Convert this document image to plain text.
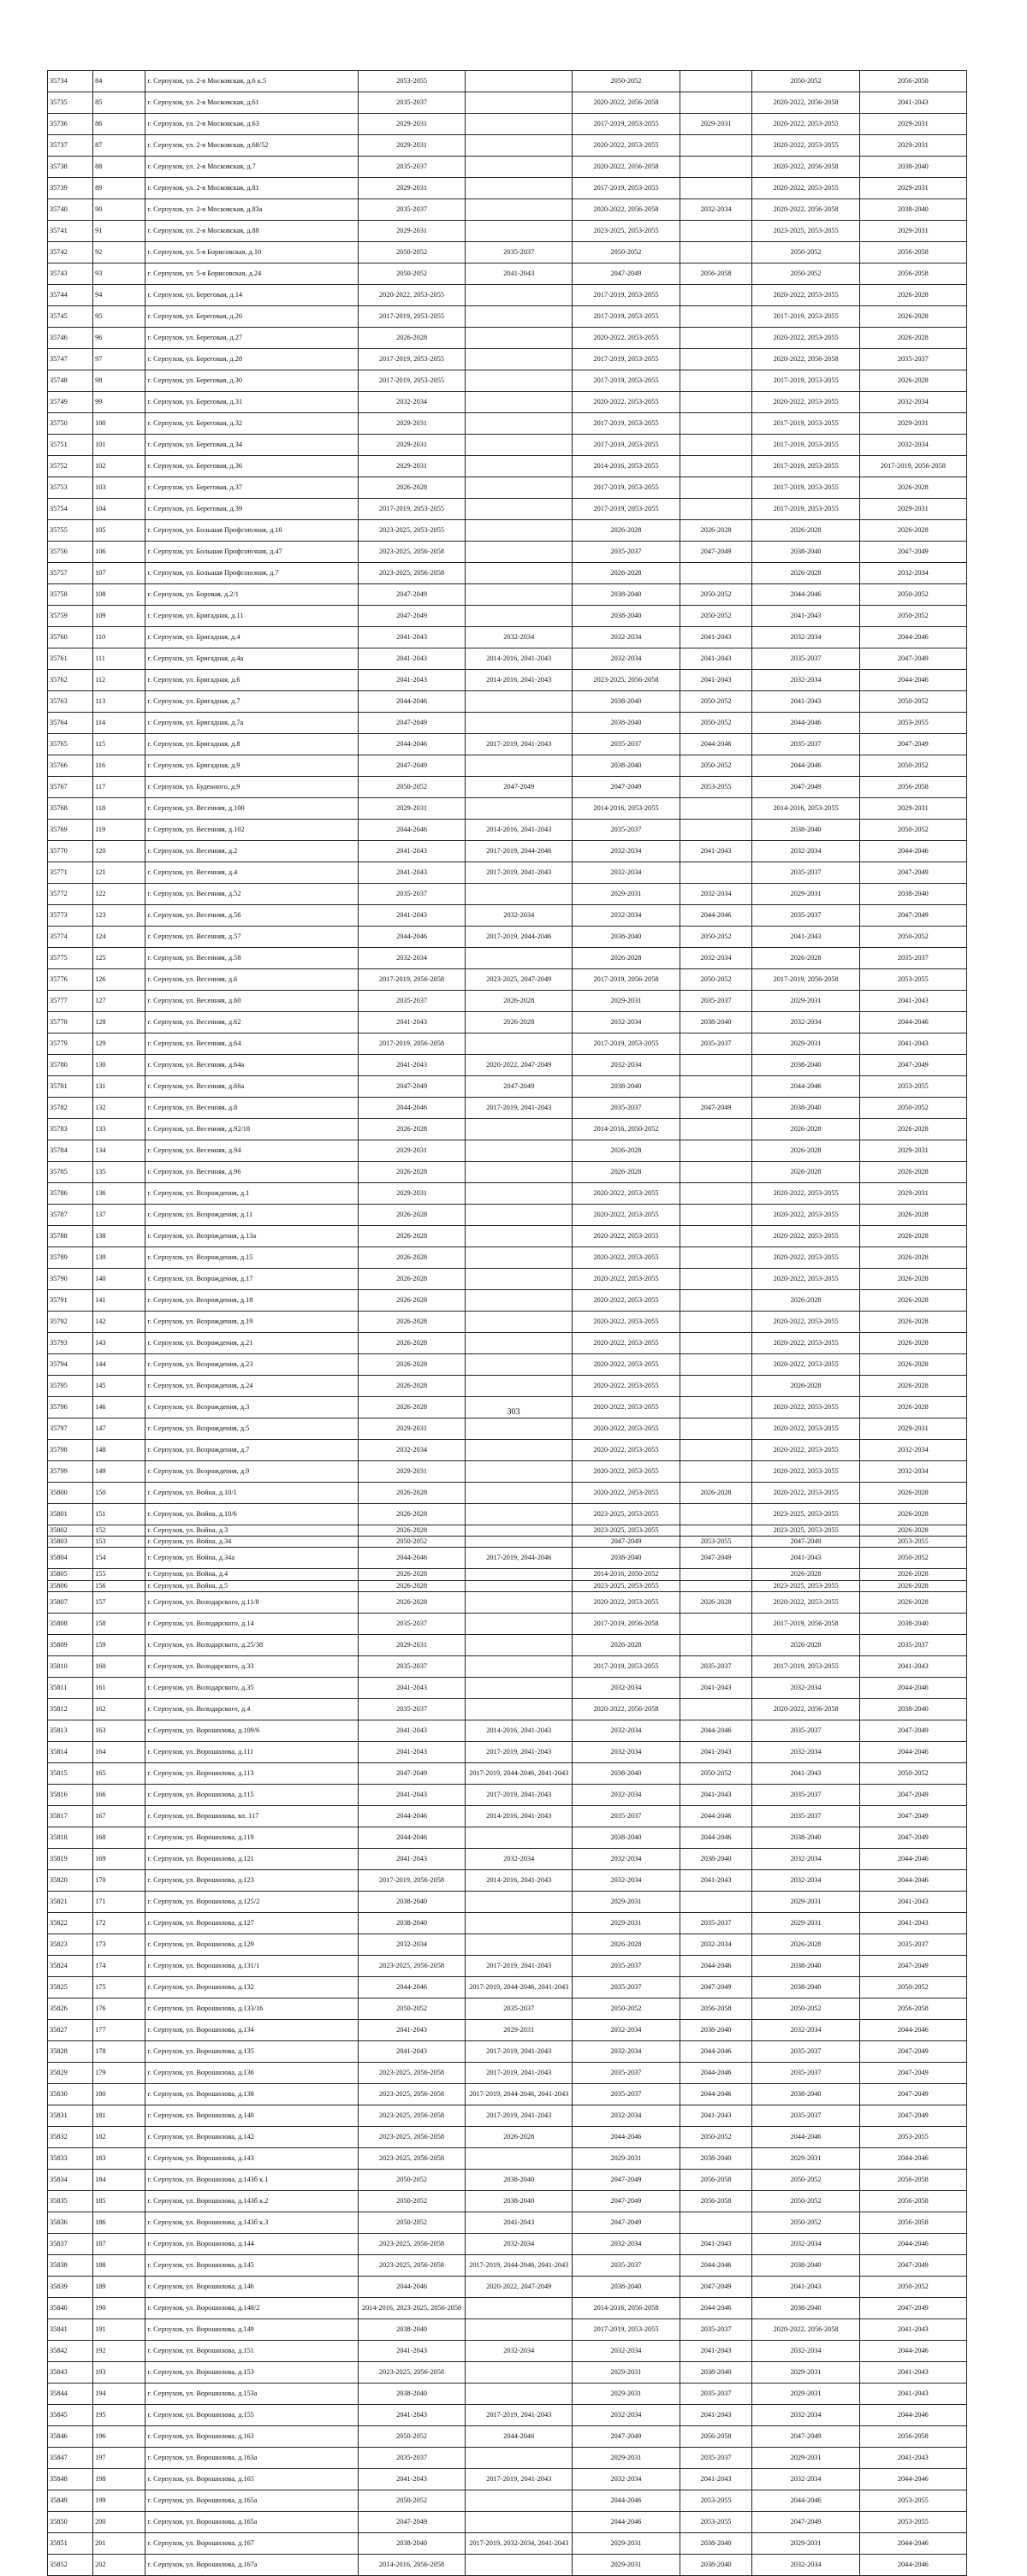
35734	84	г. Серпухов, ул. 2-я Московская, д.6 к.5	2053-2055		2050-2052		2050-2052	2056-2058
35735	85	г. Серпухов, ул. 2-я Московская, д.61	2035-2037		2020-2022, 2056-2058		2020-2022, 2056-2058	2041-2043
35736	86	г. Серпухов, ул. 2-я Московская, д.63	2029-2031		2017-2019, 2053-2055	2029-2031	2020-2022, 2053-2055	2029-2031
35737	87	г. Серпухов, ул. 2-я Московская, д.68/52	2029-2031		2020-2022, 2053-2055		2020-2022, 2053-2055	2029-2031
35738	88	г. Серпухов, ул. 2-я Московская, д.7	2035-2037		2020-2022, 2056-2058		2020-2022, 2056-2058	2038-2040
35739	89	г. Серпухов, ул. 2-я Московская, д.81	2029-2031		2017-2019, 2053-2055		2020-2022, 2053-2055	2029-2031
35740	90	г. Серпухов, ул. 2-я Московская, д.83а	2035-2037		2020-2022, 2056-2058	2032-2034	2020-2022, 2056-2058	2038-2040
35741	91	г. Серпухов, ул. 2-я Московская, д.88	2029-2031		2023-2025, 2053-2055		2023-2025, 2053-2055	2029-2031
35742	92	г. Серпухов, ул. 5-я Борисовская, д.10	2050-2052	2035-2037	2050-2052		2050-2052	2056-2058
35743	93	г. Серпухов, ул. 5-я Борисовская, д.24	2050-2052	2041-2043	2047-2049	2056-2058	2050-2052	2056-2058
35744	94	г. Серпухов, ул. Береговая, д.14	2020-2022, 2053-2055		2017-2019, 2053-2055		2020-2022, 2053-2055	2026-2028
35745	95	г. Серпухов, ул. Береговая, д.26	2017-2019, 2053-2055		2017-2019, 2053-2055		2017-2019, 2053-2055	2026-2028
35746	96	г. Серпухов, ул. Береговая, д.27	2026-2028		2020-2022, 2053-2055		2020-2022, 2053-2055	2026-2028
35747	97	г. Серпухов, ул. Береговая, д.28	2017-2019, 2053-2055		2017-2019, 2053-2055		2020-2022, 2056-2058	2035-2037
35748	98	г. Серпухов, ул. Береговая, д.30	2017-2019, 2053-2055		2017-2019, 2053-2055		2017-2019, 2053-2055	2026-2028
35749	99	г. Серпухов, ул. Береговая, д.31	2032-2034		2020-2022, 2053-2055		2020-2022, 2053-2055	2032-2034
35750	100	г. Серпухов, ул. Береговая, д.32	2029-2031		2017-2019, 2053-2055		2017-2019, 2053-2055	2029-2031
35751	101	г. Серпухов, ул. Береговая, д.34	2029-2031		2017-2019, 2053-2055		2017-2019, 2053-2055	2032-2034
35752	102	г. Серпухов, ул. Береговая, д.36	2029-2031		2014-2016, 2053-2055		2017-2019, 2053-2055	2017-2019, 2056-2058
35753	103	г. Серпухов, ул. Береговая, д.37	2026-2028		2017-2019, 2053-2055		2017-2019, 2053-2055	2026-2028
35754	104	г. Серпухов, ул. Береговая, д.39	2017-2019, 2053-2055		2017-2019, 2053-2055		2017-2019, 2053-2055	2029-2031
35755	105	г. Серпухов, ул. Большая Профсоюзная, д.10	2023-2025, 2053-2055		2026-2028	2026-2028	2026-2028	2026-2028
35756	106	г. Серпухов, ул. Большая Профсоюзная, д.47	2023-2025, 2056-2058		2035-2037	2047-2049	2038-2040	2047-2049
35757	107	г. Серпухов, ул. Большая Профсоюзная, д.7	2023-2025, 2056-2058		2026-2028		2026-2028	2032-2034
35758	108	г. Серпухов, ул. Боровая, д.2/1	2047-2049		2038-2040	2050-2052	2044-2046	2050-2052
35759	109	г. Серпухов, ул. Бригадная, д.11	2047-2049		2038-2040	2050-2052	2041-2043	2050-2052
35760	110	г. Серпухов, ул. Бригадная, д.4	2041-2043	2032-2034	2032-2034	2041-2043	2032-2034	2044-2046
35761	111	г. Серпухов, ул. Бригадная, д.4а	2041-2043	2014-2016, 2041-2043	2032-2034	2041-2043	2035-2037	2047-2049
35762	112	г. Серпухов, ул. Бригадная, д.6	2041-2043	2014-2016, 2041-2043	2023-2025, 2056-2058	2041-2043	2032-2034	2044-2046
35763	113	г. Серпухов, ул. Бригадная, д.7	2044-2046		2038-2040	2050-2052	2041-2043	2050-2052
35764	114	г. Серпухов, ул. Бригадная, д.7а	2047-2049		2038-2040	2050-2052	2044-2046	2053-2055
35765	115	г. Серпухов, ул. Бригадная, д.8	2044-2046	2017-2019, 2041-2043	2035-2037	2044-2046	2035-2037	2047-2049
35766	116	г. Серпухов, ул. Бригадная, д.9	2047-2049		2038-2040	2050-2052	2044-2046	2050-2052
35767	117	г. Серпухов, ул. Буденного, д.9	2050-2052	2047-2049	2047-2049	2053-2055	2047-2049	2056-2058
35768	118	г. Серпухов, ул. Весенняя, д.100	2029-2031		2014-2016, 2053-2055		2014-2016, 2053-2055	2029-2031
35769	119	г. Серпухов, ул. Весенняя, д.102	2044-2046	2014-2016, 2041-2043	2035-2037		2038-2040	2050-2052
35770	120	г. Серпухов, ул. Весенняя, д.2	2041-2043	2017-2019, 2044-2046	2032-2034	2041-2043	2032-2034	2044-2046
35771	121	г. Серпухов, ул. Весенняя, д.4	2041-2043	2017-2019, 2041-2043	2032-2034		2035-2037	2047-2049
35772	122	г. Серпухов, ул. Весенняя, д.52	2035-2037		2029-2031	2032-2034	2029-2031	2038-2040
35773	123	г. Серпухов, ул. Весенняя, д.56	2041-2043	2032-2034	2032-2034	2044-2046	2035-2037	2047-2049
35774	124	г. Серпухов, ул. Весенняя, д.57	2044-2046	2017-2019, 2044-2046	2038-2040	2050-2052	2041-2043	2050-2052
35775	125	г. Серпухов, ул. Весенняя, д.58	2032-2034		2026-2028	2032-2034	2026-2028	2035-2037
35776	126	г. Серпухов, ул. Весенняя, д.6	2017-2019, 2056-2058	2023-2025, 2047-2049	2017-2019, 2056-2058	2050-2052	2017-2019, 2056-2058	2053-2055
35777	127	г. Серпухов, ул. Весенняя, д.60	2035-2037	2026-2028	2029-2031	2035-2037	2029-2031	2041-2043
35778	128	г. Серпухов, ул. Весенняя, д.62	2041-2043	2026-2028	2032-2034	2038-2040	2032-2034	2044-2046
35779	129	г. Серпухов, ул. Весенняя, д.64	2017-2019, 2056-2058		2017-2019, 2053-2055	2035-2037	2029-2031	2041-2043
35780	130	г. Серпухов, ул. Весенняя, д.64а	2041-2043	2020-2022, 2047-2049	2032-2034		2038-2040	2047-2049
35781	131	г. Серпухов, ул. Весенняя, д.66а	2047-2049	2047-2049	2038-2040		2044-2046	2053-2055
35782	132	г. Серпухов, ул. Весенняя, д.8	2044-2046	2017-2019, 2041-2043	2035-2037	2047-2049	2038-2040	2050-2052
35783	133	г. Серпухов, ул. Весенняя, д.92/18	2026-2028		2014-2016, 2050-2052		2026-2028	2026-2028
35784	134	г. Серпухов, ул. Весенняя, д.94	2029-2031		2026-2028		2026-2028	2029-2031
35785	135	г. Серпухов, ул. Весенняя, д.96	2026-2028		2026-2028		2026-2028	2026-2028
35786	136	г. Серпухов, ул. Возрождения, д.1	2029-2031		2020-2022, 2053-2055		2020-2022, 2053-2055	2029-2031
35787	137	г. Серпухов, ул. Возрождения, д.11	2026-2028		2020-2022, 2053-2055		2020-2022, 2053-2055	2026-2028
35788	138	г. Серпухов, ул. Возрождения, д.13а	2026-2028		2020-2022, 2053-2055		2020-2022, 2053-2055	2026-2028
35789	139	г. Серпухов, ул. Возрождения, д.15	2026-2028		2020-2022, 2053-2055		2020-2022, 2053-2055	2026-2028
35790	140	г. Серпухов, ул. Возрождения, д.17	2026-2028		2020-2022, 2053-2055		2020-2022, 2053-2055	2026-2028
35791	141	г. Серпухов, ул. Возрождения, д.18	2026-2028		2020-2022, 2053-2055		2026-2028	2026-2028
35792	142	г. Серпухов, ул. Возрождения, д.19	2026-2028		2020-2022, 2053-2055		2020-2022, 2053-2055	2026-2028
35793	143	г. Серпухов, ул. Возрождения, д.21	2026-2028		2020-2022, 2053-2055		2020-2022, 2053-2055	2026-2028
35794	144	г. Серпухов, ул. Возрождения, д.23	2026-2028		2020-2022, 2053-2055		2020-2022, 2053-2055	2026-2028
35795	145	г. Серпухов, ул. Возрождения, д.24	2026-2028		2020-2022, 2053-2055		2026-2028	2026-2028
35796	146	г. Серпухов, ул. Возрождения, д.3	2026-2028		2020-2022, 2053-2055		2020-2022, 2053-2055	2026-2028
35797	147	г. Серпухов, ул. Возрождения, д.5	2029-2031		2020-2022, 2053-2055		2020-2022, 2053-2055	2029-2031
35798	148	г. Серпухов, ул. Возрождения, д.7	2032-2034		2020-2022, 2053-2055		2020-2022, 2053-2055	2032-2034
35799	149	г. Серпухов, ул. Возрождения, д.9	2029-2031		2020-2022, 2053-2055		2020-2022, 2053-2055	2032-2034
35800	150	г. Серпухов, ул. Война, д.10/1	2026-2028		2020-2022, 2053-2055	2026-2028	2020-2022, 2053-2055	2026-2028
35801	151	г. Серпухов, ул. Война, д.10/6	2026-2028		2023-2025, 2053-2055		2023-2025, 2053-2055	2026-2028
35802	152	г. Серпухов, ул. Война, д.3	2026-2028		2023-2025, 2053-2055		2023-2025, 2053-2055	2026-2028
35803	153	г. Серпухов, ул. Война, д.34	2050-2052		2047-2049	2053-2055	2047-2049	2053-2055
35804	154	г. Серпухов, ул. Война, д.34а	2044-2046	2017-2019, 2044-2046	2038-2040	2047-2049	2041-2043	2050-2052
35805	155	г. Серпухов, ул. Война, д.4	2026-2028		2014-2016, 2050-2052		2026-2028	2026-2028
35806	156	г. Серпухов, ул. Война, д.5	2026-2028		2023-2025, 2053-2055		2023-2025, 2053-2055	2026-2028
35807	157	г. Серпухов, ул. Володарского, д.11/8	2026-2028		2020-2022, 2053-2055	2026-2028	2020-2022, 2053-2055	2026-2028
35808	158	г. Серпухов, ул. Володарского, д.14	2035-2037		2017-2019, 2056-2058		2017-2019, 2056-2058	2038-2040
35809	159	г. Серпухов, ул. Володарского, д.25/38	2029-2031		2026-2028		2026-2028	2035-2037
35810	160	г. Серпухов, ул. Володарского, д.33	2035-2037		2017-2019, 2053-2055	2035-2037	2017-2019, 2053-2055	2041-2043
35811	161	г. Серпухов, ул. Володарского, д.35	2041-2043		2032-2034	2041-2043	2032-2034	2044-2046
35812	162	г. Серпухов, ул. Володарского, д.4	2035-2037		2020-2022, 2056-2058		2020-2022, 2056-2058	2038-2040
35813	163	г. Серпухов, ул. Ворошилова, д.109/6	2041-2043	2014-2016, 2041-2043	2032-2034	2044-2046	2035-2037	2047-2049
35814	164	г. Серпухов, ул. Ворошилова, д.111	2041-2043	2017-2019, 2041-2043	2032-2034	2041-2043	2032-2034	2044-2046
35815	165	г. Серпухов, ул. Ворошилова, д.113	2047-2049	2017-2019, 2044-2046, 2041-2043	2038-2040	2050-2052	2041-2043	2050-2052
35816	166	г. Серпухов, ул. Ворошилова, д.115	2041-2043	2017-2019, 2041-2043	2032-2034	2041-2043	2035-2037	2047-2049
35817	167	г. Серпухов, ул. Ворошилова, вл. 117	2044-2046	2014-2016, 2041-2043	2035-2037	2044-2046	2035-2037	2047-2049
35818	168	г. Серпухов, ул. Ворошилова, д.119	2044-2046		2038-2040	2044-2046	2038-2040	2047-2049
35819	169	г. Серпухов, ул. Ворошилова, д.121	2041-2043	2032-2034	2032-2034	2038-2040	2032-2034	2044-2046
35820	170	г. Серпухов, ул. Ворошилова, д.123	2017-2019, 2056-2058	2014-2016, 2041-2043	2032-2034	2041-2043	2032-2034	2044-2046
35821	171	г. Серпухов, ул. Ворошилова, д.125/2	2038-2040		2029-2031		2029-2031	2041-2043
35822	172	г. Серпухов, ул. Ворошилова, д.127	2038-2040		2029-2031	2035-2037	2029-2031	2041-2043
35823	173	г. Серпухов, ул. Ворошилова, д.129	2032-2034		2026-2028	2032-2034	2026-2028	2035-2037
35824	174	г. Серпухов, ул. Ворошилова, д.131/1	2023-2025, 2056-2058	2017-2019, 2041-2043	2035-2037	2044-2046	2038-2040	2047-2049
35825	175	г. Серпухов, ул. Ворошилова, д.132	2044-2046	2017-2019, 2044-2046, 2041-2043	2035-2037	2047-2049	2038-2040	2050-2052
35826	176	г. Серпухов, ул. Ворошилова, д.133/16	2050-2052	2035-2037	2050-2052	2056-2058	2050-2052	2056-2058
35827	177	г. Серпухов, ул. Ворошилова, д.134	2041-2043	2029-2031	2032-2034	2038-2040	2032-2034	2044-2046
35828	178	г. Серпухов, ул. Ворошилова, д.135	2041-2043	2017-2019, 2041-2043	2032-2034	2044-2046	2035-2037	2047-2049
35829	179	г. Серпухов, ул. Ворошилова, д.136	2023-2025, 2056-2058	2017-2019, 2041-2043	2035-2037	2044-2046	2035-2037	2047-2049
35830	180	г. Серпухов, ул. Ворошилова, д.138	2023-2025, 2056-2058	2017-2019, 2044-2046, 2041-2043	2035-2037	2044-2046	2038-2040	2047-2049
35831	181	г. Серпухов, ул. Ворошилова, д.140	2023-2025, 2056-2058	2017-2019, 2041-2043	2032-2034	2041-2043	2035-2037	2047-2049
35832	182	г. Серпухов, ул. Ворошилова, д.142	2023-2025, 2056-2058	2026-2028	2044-2046	2050-2052	2044-2046	2053-2055
35833	183	г. Серпухов, ул. Ворошилова, д.143	2023-2025, 2056-2058		2029-2031	2038-2040	2029-2031	2044-2046
35834	184	г. Серпухов, ул. Ворошилова, д.143б к.1	2050-2052	2038-2040	2047-2049	2056-2058	2050-2052	2056-2058
35835	185	г. Серпухов, ул. Ворошилова, д.143б к.2	2050-2052	2038-2040	2047-2049	2056-2058	2050-2052	2056-2058
35836	186	г. Серпухов, ул. Ворошилова, д.143б к.3	2050-2052	2041-2043	2047-2049		2050-2052	2056-2058
35837	187	г. Серпухов, ул. Ворошилова, д.144	2023-2025, 2056-2058	2032-2034	2032-2034	2041-2043	2032-2034	2044-2046
35838	188	г. Серпухов, ул. Ворошилова, д.145	2023-2025, 2056-2058	2017-2019, 2044-2046, 2041-2043	2035-2037	2044-2046	2038-2040	2047-2049
35839	189	г. Серпухов, ул. Ворошилова, д.146	2044-2046	2020-2022, 2047-2049	2038-2040	2047-2049	2041-2043	2050-2052
35840	190	г. Серпухов, ул. Ворошилова, д.148/2	2014-2016, 2023-2025, 2056-2058		2014-2016, 2056-2058	2044-2046	2038-2040	2047-2049
35841	191	г. Серпухов, ул. Ворошилова, д.149	2038-2040		2017-2019, 2053-2055	2035-2037	2020-2022, 2056-2058	2041-2043
35842	192	г. Серпухов, ул. Ворошилова, д.151	2041-2043	2032-2034	2032-2034	2041-2043	2032-2034	2044-2046
35843	193	г. Серпухов, ул. Ворошилова, д.153	2023-2025, 2056-2058		2029-2031	2038-2040	2029-2031	2041-2043
35844	194	г. Серпухов, ул. Ворошилова, д.153а	2038-2040		2029-2031	2035-2037	2029-2031	2041-2043
35845	195	г. Серпухов, ул. Ворошилова, д.155	2041-2043	2017-2019, 2041-2043	2032-2034	2041-2043	2032-2034	2044-2046
35846	196	г. Серпухов, ул. Ворошилова, д.163	2050-2052	2044-2046	2047-2049	2056-2058	2047-2049	2056-2058
35847	197	г. Серпухов, ул. Ворошилова, д.163а	2035-2037		2029-2031	2035-2037	2029-2031	2041-2043
35848	198	г. Серпухов, ул. Ворошилова, д.165	2041-2043	2017-2019, 2041-2043	2032-2034	2041-2043	2032-2034	2044-2046
35849	199	г. Серпухов, ул. Ворошилова, д.165а	2050-2052		2044-2046	2053-2055	2044-2046	2053-2055
35850	200	г. Серпухов, ул. Ворошилова, д.165а	2047-2049		2044-2046	2053-2055	2047-2049	2053-2055
35851	201	г. Серпухов, ул. Ворошилова, д.167	2038-2040	2017-2019, 2032-2034, 2041-2043	2029-2031	2038-2040	2029-2031	2044-2046
35852	202	г. Серпухов, ул. Ворошилова, д.167а	2014-2016, 2056-2058		2029-2031	2038-2040	2032-2034	2044-2046
303
